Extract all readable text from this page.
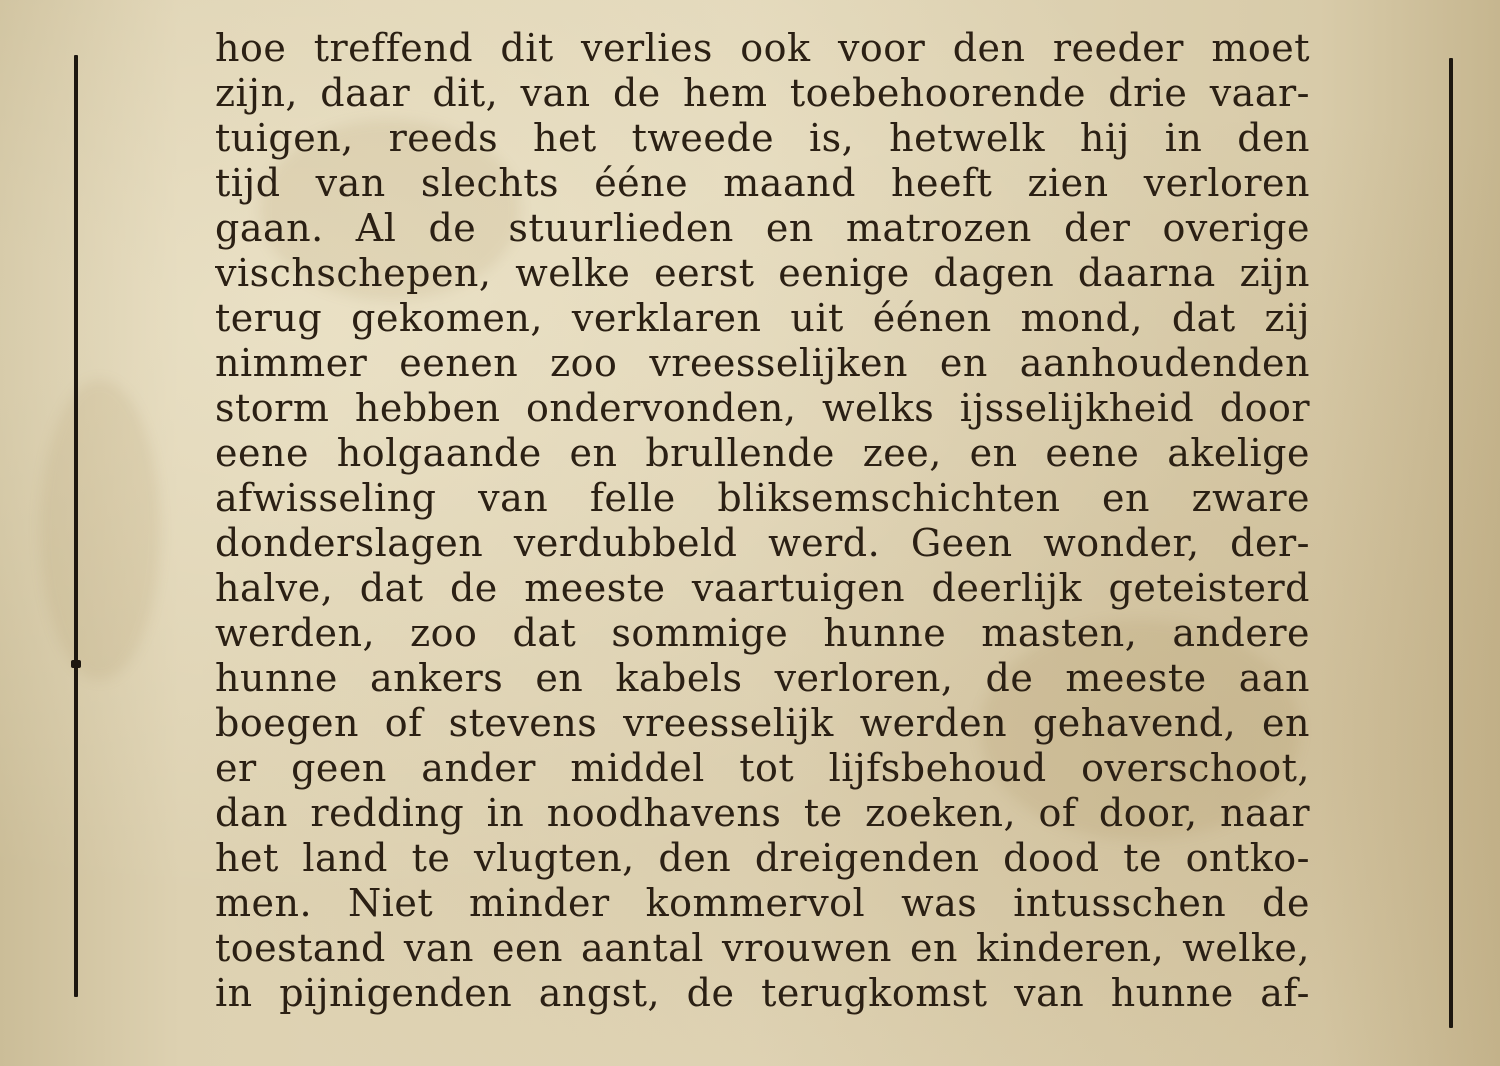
hoe treffend dit verlies ook voor den reeder moet
zijn, daar dit, van de hem toebehoorende drie vaar-
tuigen, reeds het tweede is, hetwelk hij in den
tijd van slechts ééne maand heeft zien verloren
gaan. Al de stuurlieden en matrozen der overige
vischschepen, welke eerst eenige dagen daarna zijn
terug gekomen, verklaren uit éénen mond, dat zij
nimmer eenen zoo vreesselijken en aanhoudenden
storm hebben ondervonden, welks ijsselijkheid door
eene holgaande en brullende zee, en eene akelige
afwisseling van felle bliksemschichten en zware
donderslagen verdubbeld werd. Geen wonder, der-
halve, dat de meeste vaartuigen deerlijk geteisterd
werden, zoo dat sommige hunne masten, andere
hunne ankers en kabels verloren, de meeste aan
boegen of stevens vreesselijk werden gehavend, en
er geen ander middel tot lijfsbehoud overschoot,
dan redding in noodhavens te zoeken, of door, naar
het land te vlugten, den dreigenden dood te ontko-
men. Niet minder kommervol was intusschen de
toestand van een aantal vrouwen en kinderen, welke,
in pijnigenden angst, de terugkomst van hunne af-
